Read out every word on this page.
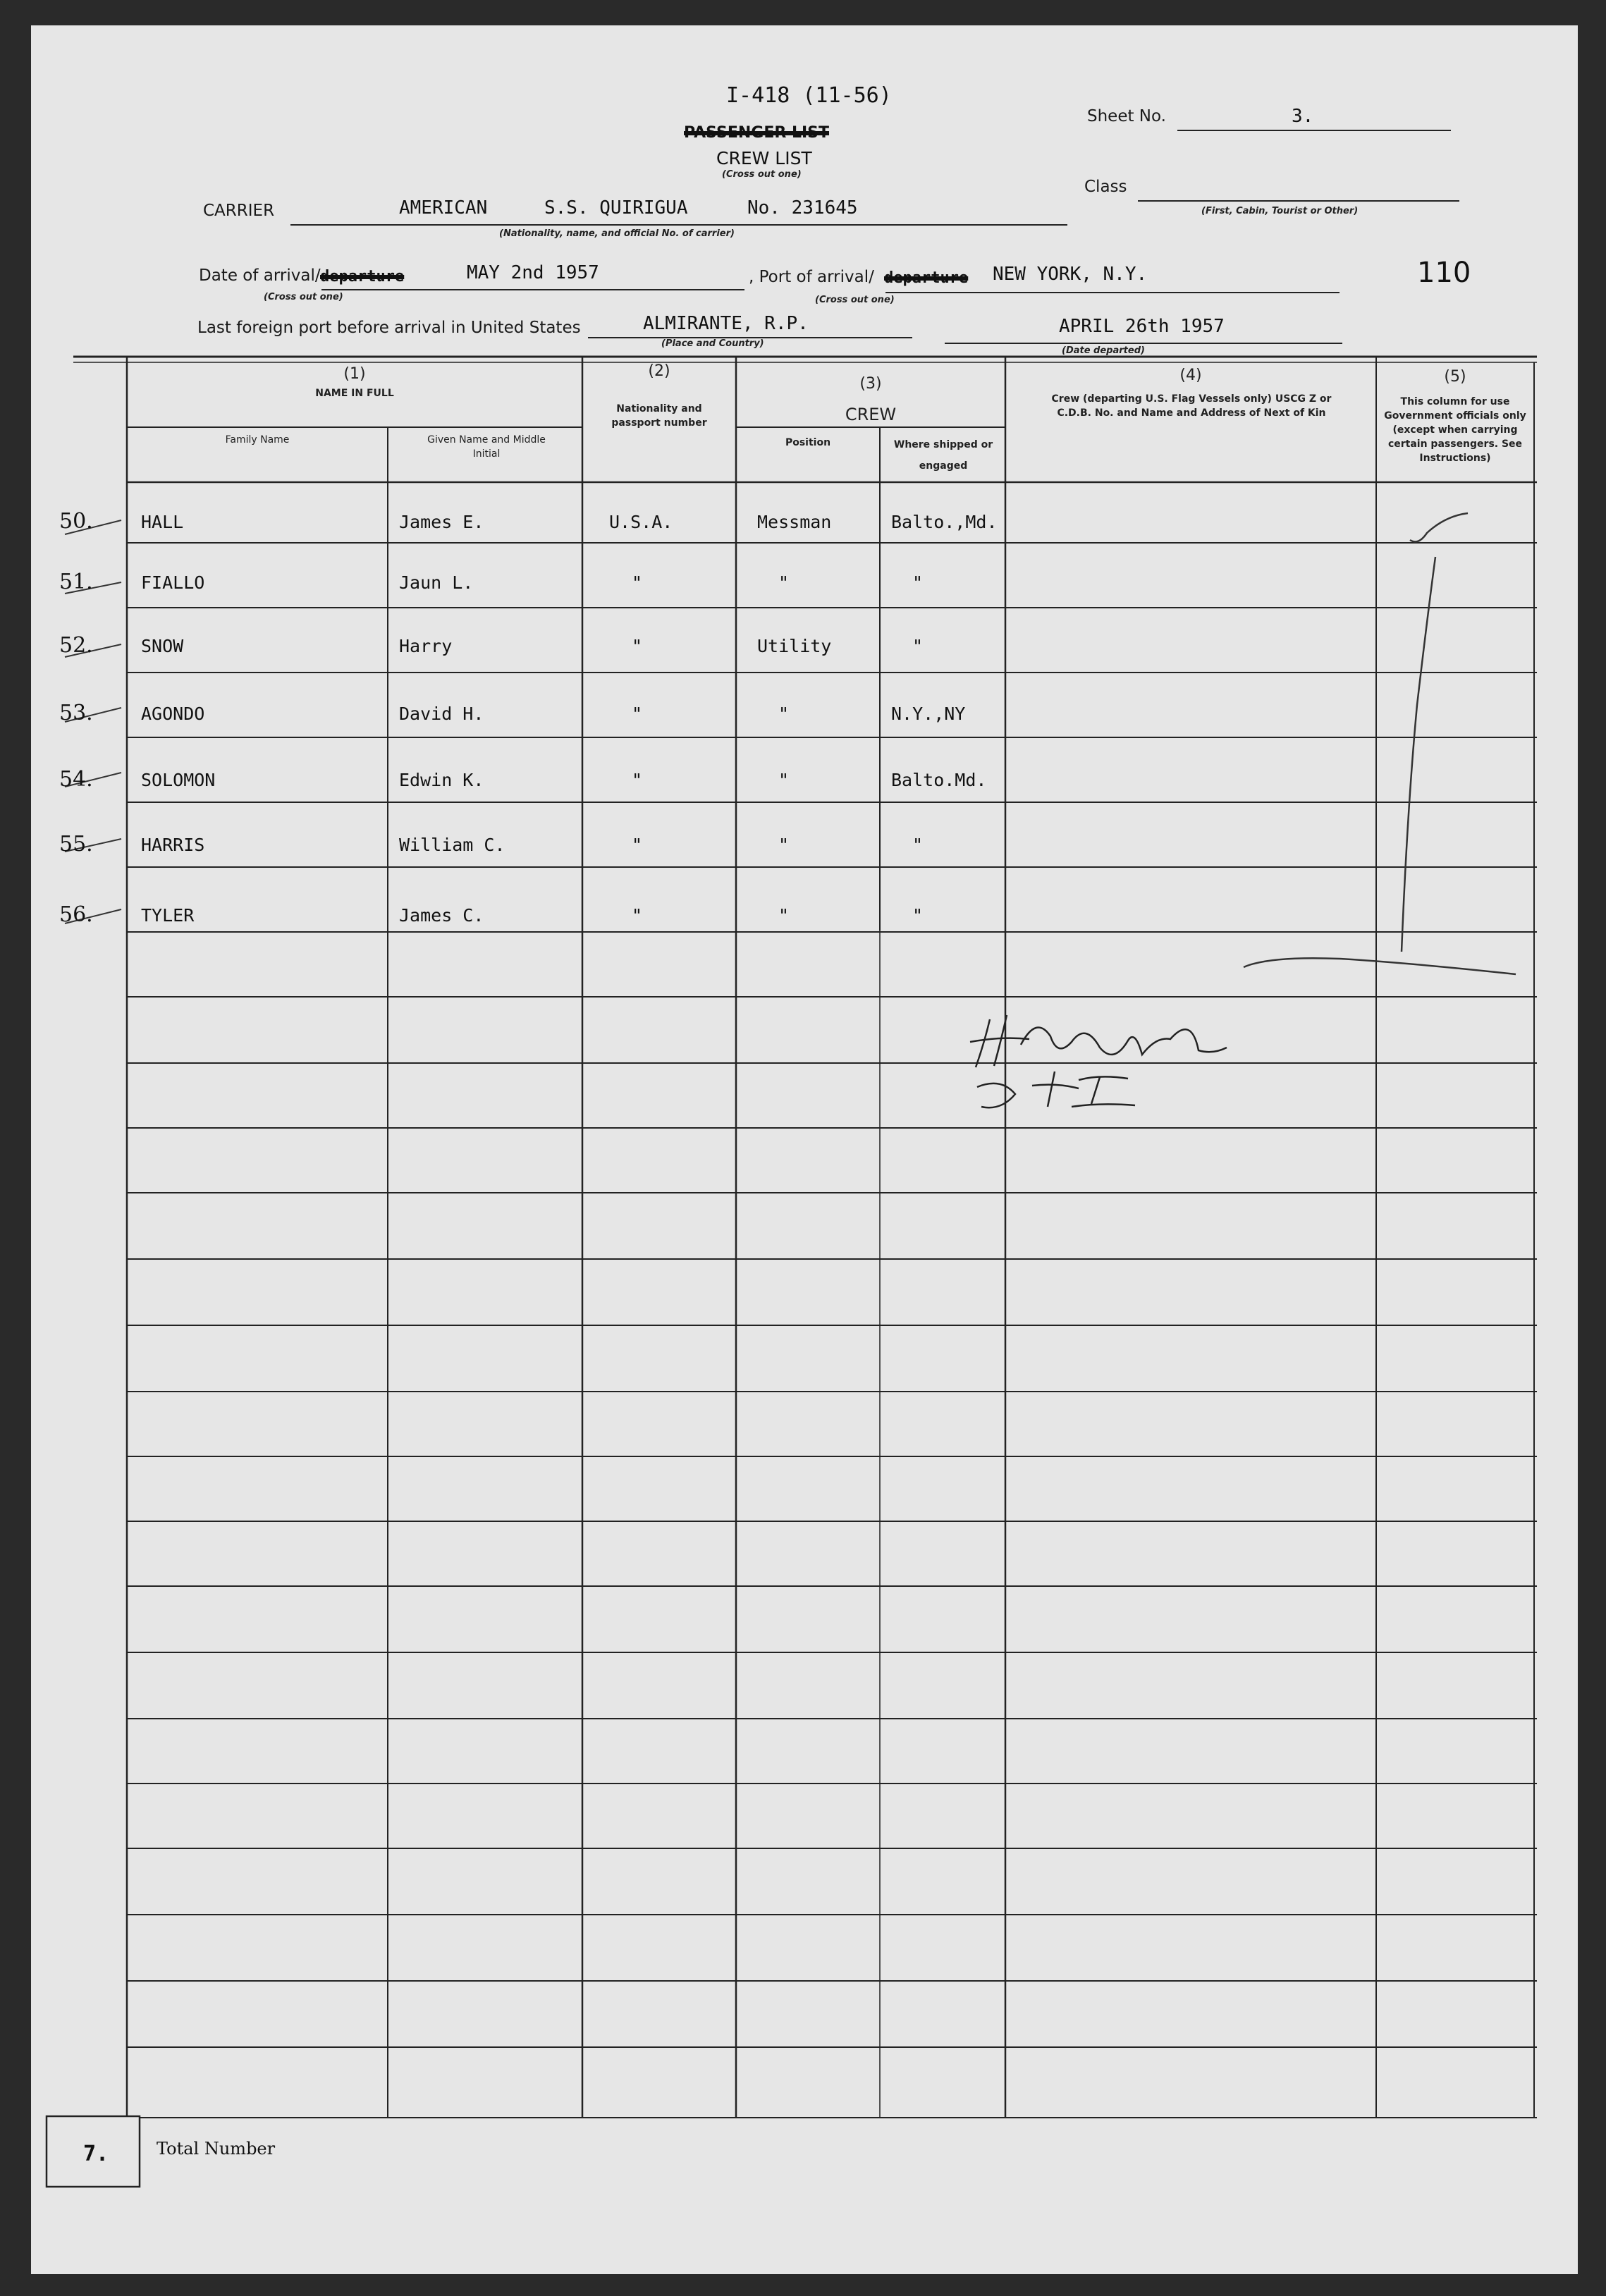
I-418 (11-56)
PASSENGER LIST
CREW LIST
(Cross out one)
Sheet No.	3.
Class
(First, Cabin, Tourist or Other)
CARRIER	AMERICAN	S.S. QUIRIGUA	No. 231645
(Nationality, name, and official No. of carrier)
Date of arrival/ departure	MAY 2nd 1957
(Cross out one)
, Port of arrival/ departure NEW YORK, N.Y.
(Cross out one)
110
Last foreign port before arrival in United States	ALMIRANTE, R.P.
(Place and Country)
APRIL 26th 1957
(Date departed)
(1)
NAME IN FULL
Family Name	Given Name and Middle Initial
(2)
Nationality and passport number
(3)
CREW
Position	Where shipped or engaged
(4)
Crew (departing U.S. Flag Vessels only) USCG Z or C.D.B. No. and Name and Address of Next of Kin
(5)
This column for use Government officials only (except when carrying certain passengers. See Instructions)
50.	HALL	James E.	U.S.A.	Messman	Balto.,Md.
51.	FIALLO	Jaun L.	"	"	"
52.	SNOW	Harry	"	Utility	"
53.	AGONDO	David H.	"	"	N.Y.,NY
54.	SOLOMON	Edwin K.	"	"	Balto.Md.
55.	HARRIS	William C.	"	"	"
56.	TYLER	James C.	"	"	"
7.	Total Number
